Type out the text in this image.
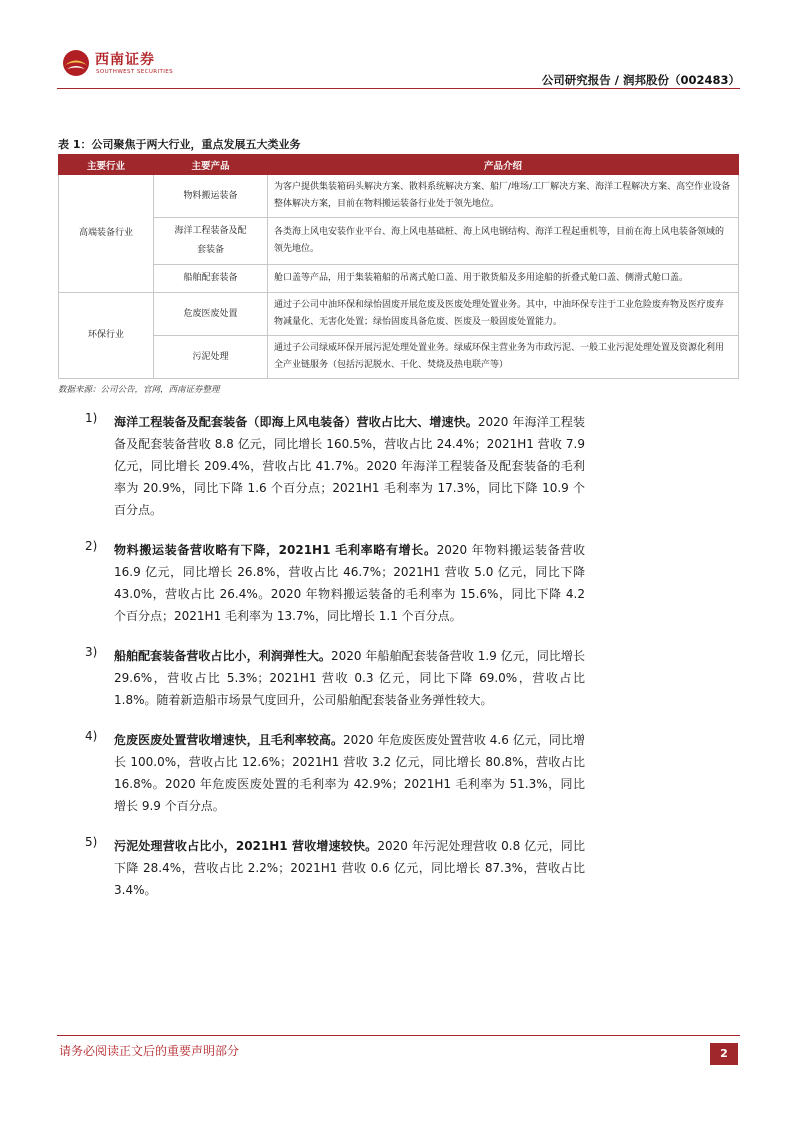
西南证券
SOUTHWEST SECURITIES
公司研究报告 / 润邦股份（002483）
表 1：公司聚焦于两大行业，重点发展五大类业务
主要行业	主要产品	产品介绍
高端装备行业	物料搬运装备	为客户提供集装箱码头解决方案、散料系统解决方案、船厂/堆场/工厂解决方案、海洋工程解决方案、高空作业设备整体解决方案，目前在物料搬运装备行业处于领先地位。
	海洋工程装备及配套装备	各类海上风电安装作业平台、海上风电基础桩、海上风电钢结构、海洋工程起重机等，目前在海上风电装备领域的领先地位。
	船舶配套装备	舱口盖等产品，用于集装箱船的吊离式舱口盖、用于散货船及多用途船的折叠式舱口盖、侧滑式舱口盖。
环保行业	危废医废处置	通过子公司中油环保和绿怡固废开展危废及医废处理处置业务。其中，中油环保专注于工业危险废弃物及医疗废弃物减量化、无害化处置；绿怡固废具备危废、医废及一般固废处置能力。
	污泥处理	通过子公司绿威环保开展污泥处理处置业务。绿威环保主营业务为市政污泥、一般工业污泥处理处置及资源化利用全产业链服务（包括污泥脱水、干化、焚烧及热电联产等）
数据来源：公司公告，官网，西南证券整理
1) 海洋工程装备及配套装备（即海上风电装备）营收占比大、增速快。2020 年海洋工程装备及配套装备营收 8.8 亿元，同比增长 160.5%，营收占比 24.4%；2021H1 营收 7.9 亿元，同比增长 209.4%，营收占比 41.7%。2020 年海洋工程装备及配套装备的毛利率为 20.9%，同比下降 1.6 个百分点；2021H1 毛利率为 17.3%，同比下降 10.9 个百分点。
2) 物料搬运装备营收略有下降，2021H1 毛利率略有增长。2020 年物料搬运装备营收 16.9 亿元，同比增长 26.8%，营收占比 46.7%；2021H1 营收 5.0 亿元，同比下降 43.0%，营收占比 26.4%。2020 年物料搬运装备的毛利率为 15.6%，同比下降 4.2 个百分点；2021H1 毛利率为 13.7%，同比增长 1.1 个百分点。
3) 船舶配套装备营收占比小，利润弹性大。2020 年船舶配套装备营收 1.9 亿元，同比增长 29.6%，营收占比 5.3%；2021H1 营收 0.3 亿元，同比下降 69.0%，营收占比 1.8%。随着新造船市场景气度回升，公司船舶配套装备业务弹性较大。
4) 危废医废处置营收增速快，且毛利率较高。2020 年危废医废处置营收 4.6 亿元，同比增长 100.0%，营收占比 12.6%；2021H1 营收 3.2 亿元，同比增长 80.8%，营收占比 16.8%。2020 年危废医废处置的毛利率为 42.9%；2021H1 毛利率为 51.3%，同比增长 9.9 个百分点。
5) 污泥处理营收占比小，2021H1 营收增速较快。2020 年污泥处理营收 0.8 亿元，同比下降 28.4%，营收占比 2.2%；2021H1 营收 0.6 亿元，同比增长 87.3%，营收占比 3.4%。
请务必阅读正文后的重要声明部分	2
